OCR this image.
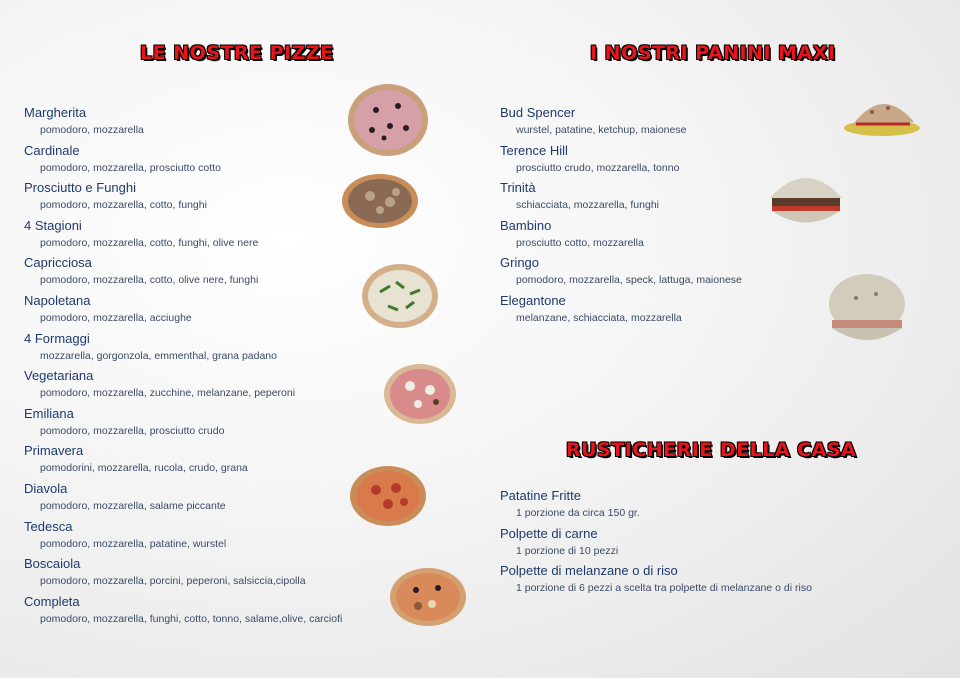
LE NOSTRE PIZZE	I NOSTRI PANINI MAXI
RUSTICHERIE DELLA CASA
Margherita
pomodoro, mozzarella
Cardinale
pomodoro, mozzarella, prosciutto cotto
Prosciutto e Funghi
pomodoro, mozzarella, cotto, funghi
4 Stagioni
pomodoro, mozzarella, cotto, funghi, olive nere
Capricciosa
pomodoro, mozzarella, cotto, olive nere, funghi
Napoletana
pomodoro, mozzarella, acciughe
4 Formaggi
mozzarella, gorgonzola, emmenthal, grana padano
Vegetariana
pomodoro, mozzarella, zucchine, melanzane, peperoni
Emiliana
pomodoro, mozzarella, prosciutto crudo
Primavera
pomodorini, mozzarella, rucola, crudo, grana
Diavola
pomodoro, mozzarella, salame piccante
Tedesca
pomodoro, mozzarella, patatine, wurstel
Boscaiola
pomodoro, mozzarella, porcini, peperoni, salsiccia,cipolla
Completa
pomodoro, mozzarella, funghi, cotto, tonno, salame,olive, carciofi
Bud Spencer
wurstel, patatine, ketchup, maionese
Terence Hill
prosciutto crudo, mozzarella, tonno
Trinità
schiacciata, mozzarella, funghi
Bambino
prosciutto cotto, mozzarella
Gringo
pomodoro, mozzarella, speck, lattuga, maionese
Elegantone
melanzane, schiacciata, mozzarella
Patatine Fritte
1 porzione da circa 150 gr.
Polpette di carne
1 porzione di 10 pezzi
Polpette di melanzane o di riso
1 porzione di 6 pezzi a scelta tra polpette di melanzane o di riso
